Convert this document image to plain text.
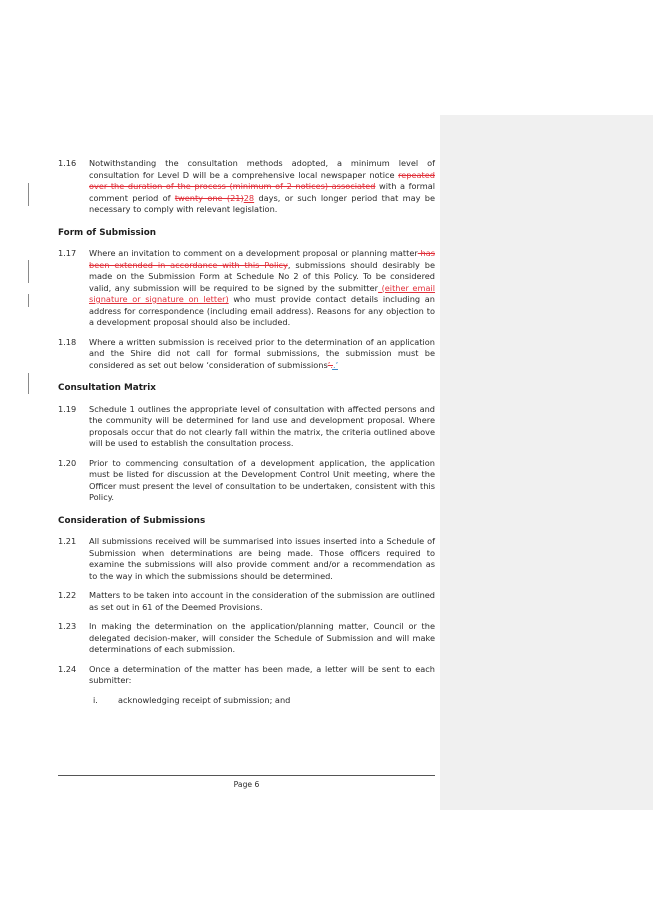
1.16 Notwithstanding the consultation methods adopted, a minimum level of consultation for Level D will be a comprehensive local newspaper notice repeated over the duration of the process (minimum of 2 notices) associated with a formal comment period of twenty one (21)28 days, or such longer period that may be necessary to comply with relevant legislation.
Form of Submission
1.17 Where an invitation to comment on a development proposal or planning matter has been extended in accordance with this Policy, submissions should desirably be made on the Submission Form at Schedule No 2 of this Policy. To be considered valid, any submission will be required to be signed by the submitter (either email signature or signature on letter) who must provide contact details including an address for correspondence (including email address). Reasons for any objection to a development proposal should also be included.
1.18 Where a written submission is received prior to the determination of an application and the Shire did not call for formal submissions, the submission must be considered as set out below ‘consideration of submissions’..’
Consultation Matrix
1.19 Schedule 1 outlines the appropriate level of consultation with affected persons and the community will be determined for land use and development proposal. Where proposals occur that do not clearly fall within the matrix, the criteria outlined above will be used to establish the consultation process.
1.20 Prior to commencing consultation of a development application, the application must be listed for discussion at the Development Control Unit meeting, where the Officer must present the level of consultation to be undertaken, consistent with this Policy.
Consideration of Submissions
1.21 All submissions received will be summarised into issues inserted into a Schedule of Submission when determinations are being made. Those officers required to examine the submissions will also provide comment and/or a recommendation as to the way in which the submissions should be determined.
1.22 Matters to be taken into account in the consideration of the submission are outlined as set out in 61 of the Deemed Provisions.
1.23 In making the determination on the application/planning matter, Council or the delegated decision-maker, will consider the Schedule of Submission and will make determinations of each submission.
1.24 Once a determination of the matter has been made, a letter will be sent to each submitter:
i. acknowledging receipt of submission; and
Page 6
